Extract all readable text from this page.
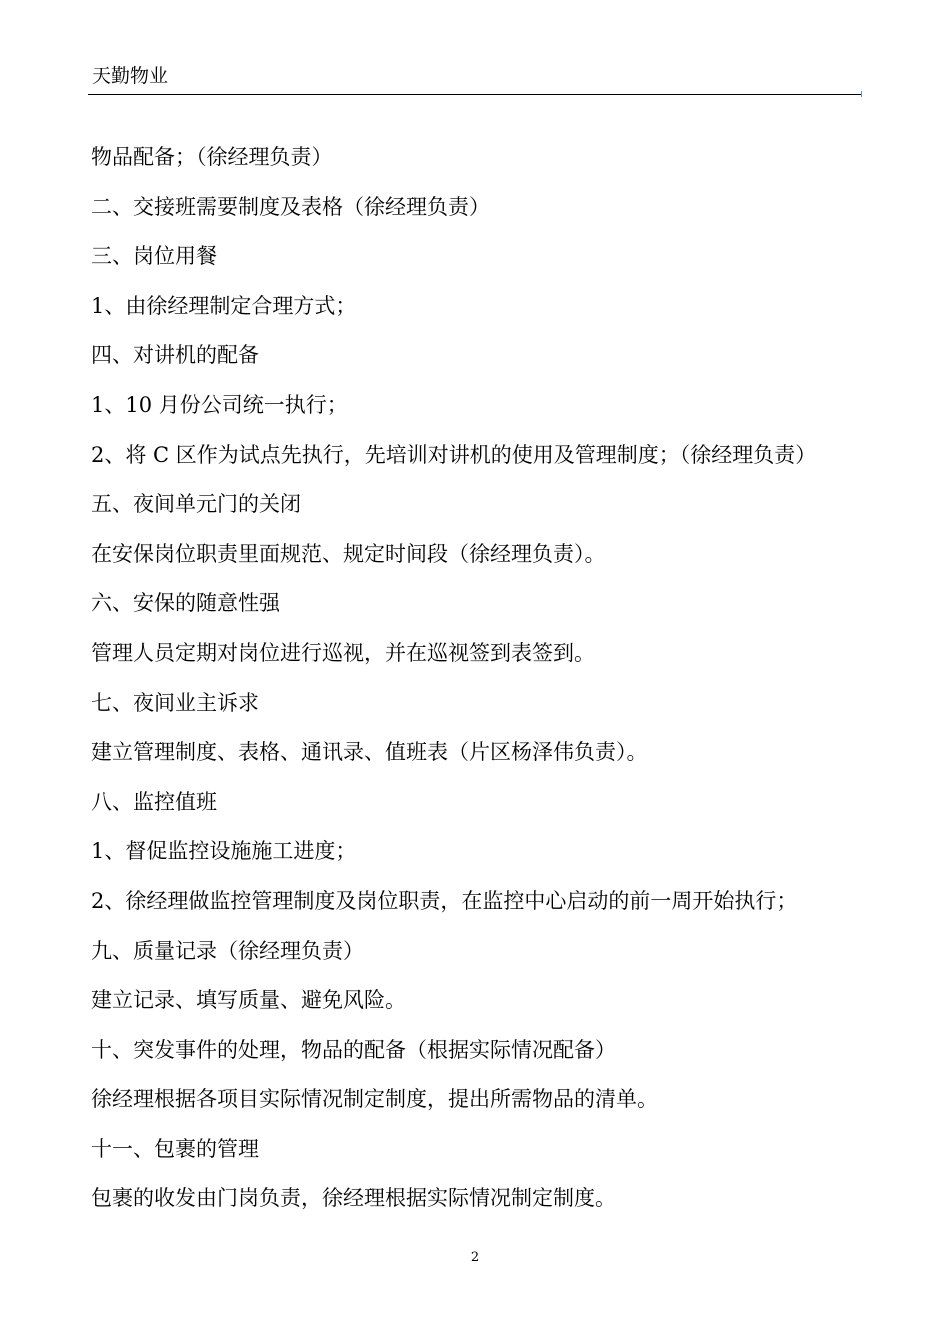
天勤物业
物品配备；（徐经理负责）
二、交接班需要制度及表格（徐经理负责）
三、岗位用餐
1、由徐经理制定合理方式；
四、对讲机的配备
1、10 月份公司统一执行；
2、将 C 区作为试点先执行，先培训对讲机的使用及管理制度；（徐经理负责）
五、夜间单元门的关闭
在安保岗位职责里面规范、规定时间段（徐经理负责）。
六、安保的随意性强
管理人员定期对岗位进行巡视，并在巡视签到表签到。
七、夜间业主诉求
建立管理制度、表格、通讯录、值班表（片区杨泽伟负责）。
八、监控值班
1、督促监控设施施工进度；
2、徐经理做监控管理制度及岗位职责，在监控中心启动的前一周开始执行；
九、质量记录（徐经理负责）
建立记录、填写质量、避免风险。
十、突发事件的处理，物品的配备（根据实际情况配备）
徐经理根据各项目实际情况制定制度，提出所需物品的清单。
十一、包裹的管理
包裹的收发由门岗负责，徐经理根据实际情况制定制度。
2
